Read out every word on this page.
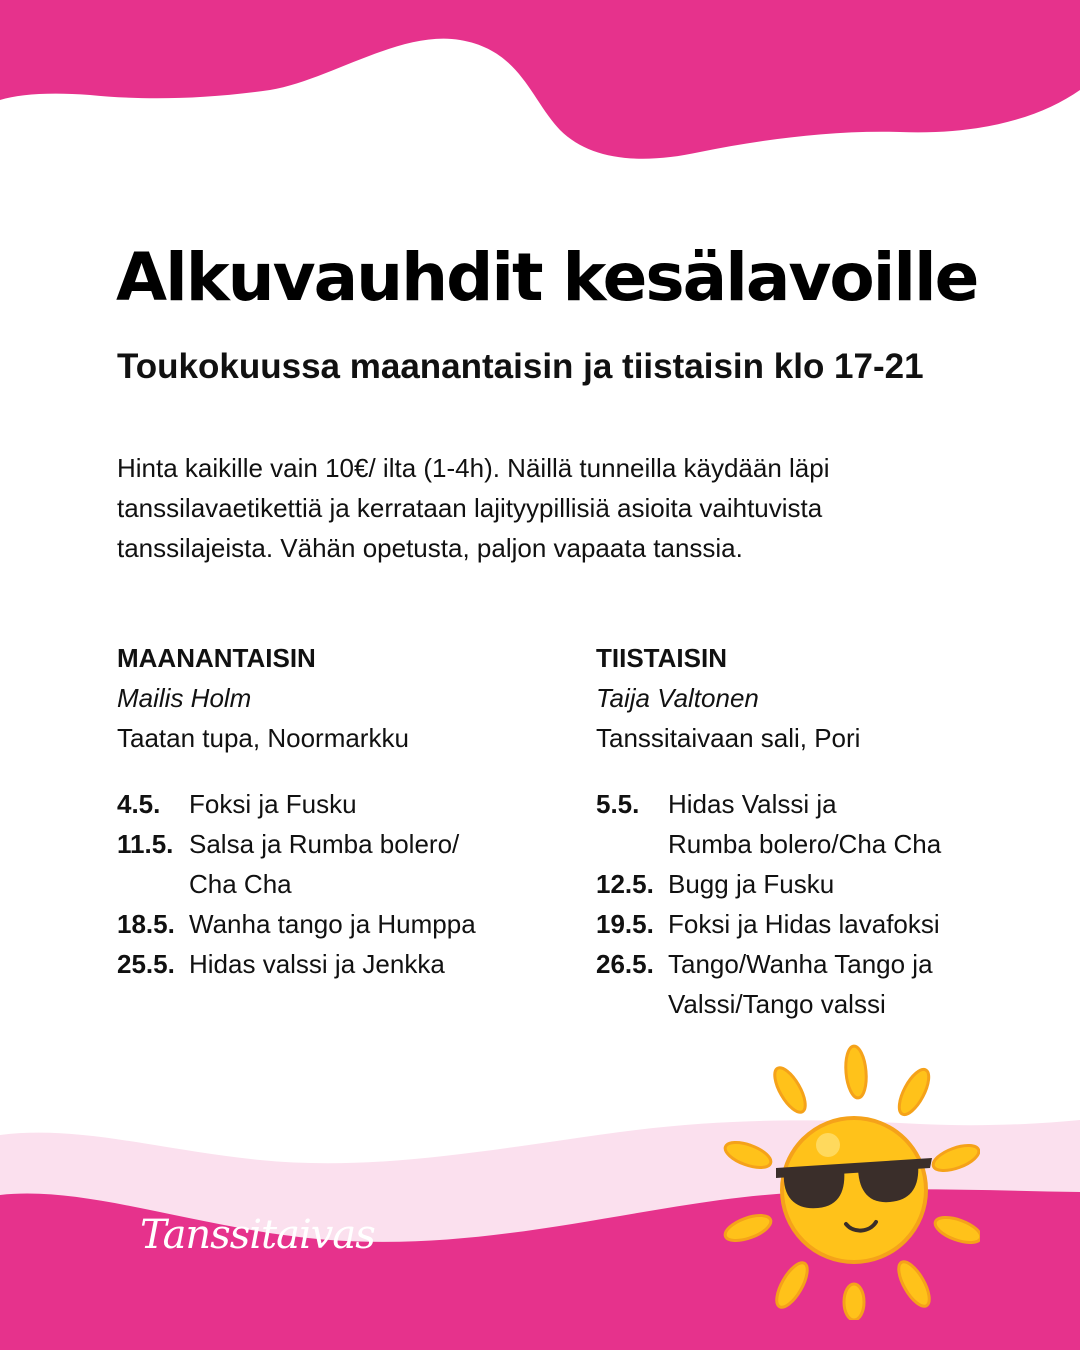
Alkuvauhdit kesälavoille
Toukokuussa maanantaisin ja tiistaisin klo 17-21

Hinta kaikille vain 10€/ ilta (1-4h). Näillä tunneilla käydään läpi
tanssilavaetikettiä ja kerrataan lajityypillisiä asioita vaihtuvista
tanssilajeista. Vähän opetusta, paljon vapaata tanssia.

MAANANTAISIN

Mailis Holm

Taatan tupa, Noormarkku

4.5.	Foksi ja Fusku
11.5. Salsa ja Rumba bolero/
Cha Cha
18.5. Wanha tango ja Humppa
25.5. Hidas valssi ja Jenkka
TIISTAISIN

Taija Valtonen

Tanssitaivaan sali, Pori

5.5.	Hidas Valssi ja
Rumba bolero/Cha Cha
12.5. Bugg ja Fusku
19.5. Foksi ja Hidas lavafoksi
26.5. Tango/Wanha Tango ja
Valssi/Tango valssi

Tanssitaivas
